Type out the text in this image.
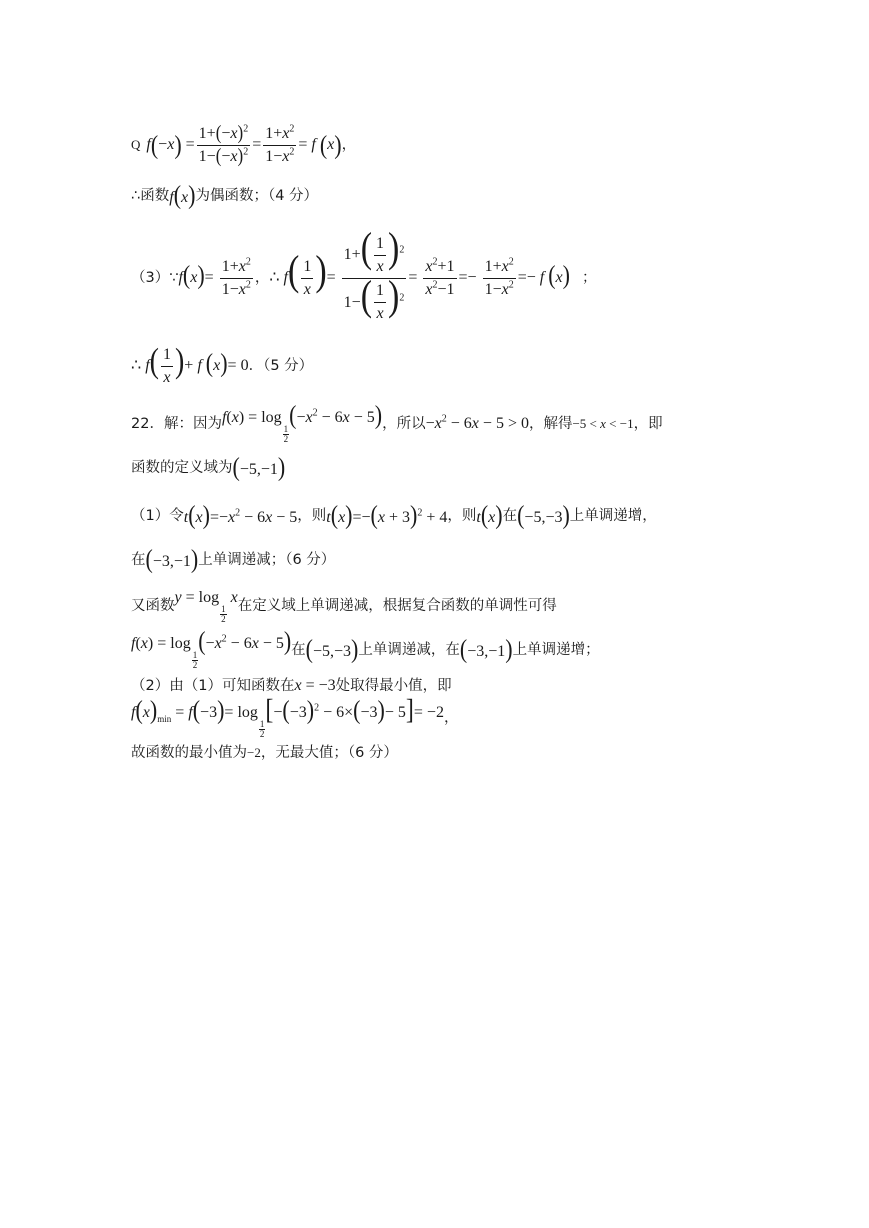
Q f ( − x ) = $\frac{1+(-x)^2}{1-(-x)^2} = \frac{1+x^2}{1-x^2} = f$ ( x ) ，
∴函数 f(x) 为偶函数；（4 分）
（3）∵ $f(x)= \frac{1+x^2}{1-x^2}$ ， ∴ $f( \frac{1}{x}$ )= $\frac{1+( \frac{1}{x} )^2}{1-( \frac{1}{x} )^2} = \frac{x^2+1}{x^2-1} =- \frac{1+x^2}{1-x^2} =- f$ (x) ；
∴ $f( \frac{1}{x}$ )+ f (x)= 0 ．（5 分）
22．解：因为 f(x) = log
$\frac{1}{2}$
$(-x^2 - 6x - 5)$ ，所以 $-x^2 - 6x - 5 > 0$ ，解得 −5 < x < −1 ，即
函数的定义域为 (−5,−1)
（1）令 $t(x)=-x^2 - 6x - 5$ ，则 $t(x)=-(x + 3)^2 + 4$ ，则 t(x) 在 (−5,−3) 上单调递增，
在 (−3,−1) 上单调递减；（6 分）
又函数 y = log
$\frac{1}{2}$
x 在定义域上单调递减，根据复合函数的单调性可得
f(x) = log
$\frac{1}{2}$
$(-x^2 - 6x - 5)$ 在 (−5,−3) 上单调递减，在 (−3,−1) 上单调递增；
（2）由（1）可知函数在 x = −3 处取得最小值，即
$f(x)_{min} = f(-3)= \log$
$\frac{1}{2}$
$[-(-3)^2 - 6\times(-3)- 5]= -2$ ，
故函数的最小值为 −2 ，无最大值；（6 分）
